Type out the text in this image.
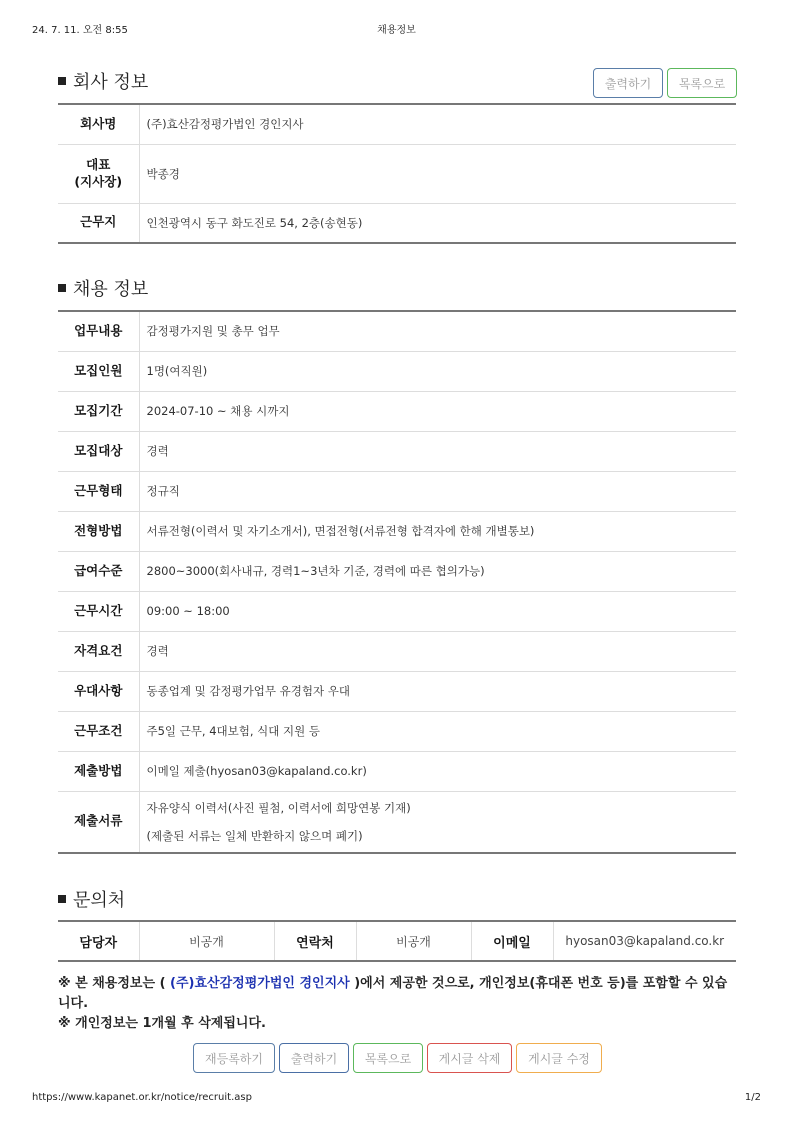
24. 7. 11. 오전 8:55	채용정보
회사 정보	출력하기	목록으로
회사명	(주)효산감정평가법인 경인지사
대표
(지사장)	박종경
근무지	인천광역시 동구 화도진로 54, 2층(송현동)
채용 정보
업무내용	감정평가지원 및 총무 업무
모집인원	1명(여직원)
모집기간	2024-07-10 ~ 채용 시까지
모집대상	경력
근무형태	정규직
전형방법	서류전형(이력서 및 자기소개서), 면접전형(서류전형 합격자에 한해 개별통보)
급여수준	2800~3000(회사내규, 경력1~3년차 기준, 경력에 따른 협의가능)
근무시간	09:00 ~ 18:00
자격요건	경력
우대사항	동종업계 및 감정평가업무 유경험자 우대
근무조건	주5일 근무, 4대보험, 식대 지원 등
제출방법	이메일 제출(hyosan03@kapaland.co.kr)
제출서류	자유양식 이력서(사진 필첨, 이력서에 희망연봉 기재)
(제출된 서류는 일체 반환하지 않으며 폐기)
문의처
담당자	비공개	연락처	비공개	이메일	hyosan03@kapaland.co.kr
※ 본 채용정보는 ( (주)효산감정평가법인 경인지사 )에서 제공한 것으로, 개인정보(휴대폰 번호 등)를 포함할 수 있습니다.
※ 개인정보는 1개월 후 삭제됩니다.
재등록하기	출력하기	목록으로	게시글 삭제	게시글 수정
https://www.kapanet.or.kr/notice/recruit.asp	1/2
